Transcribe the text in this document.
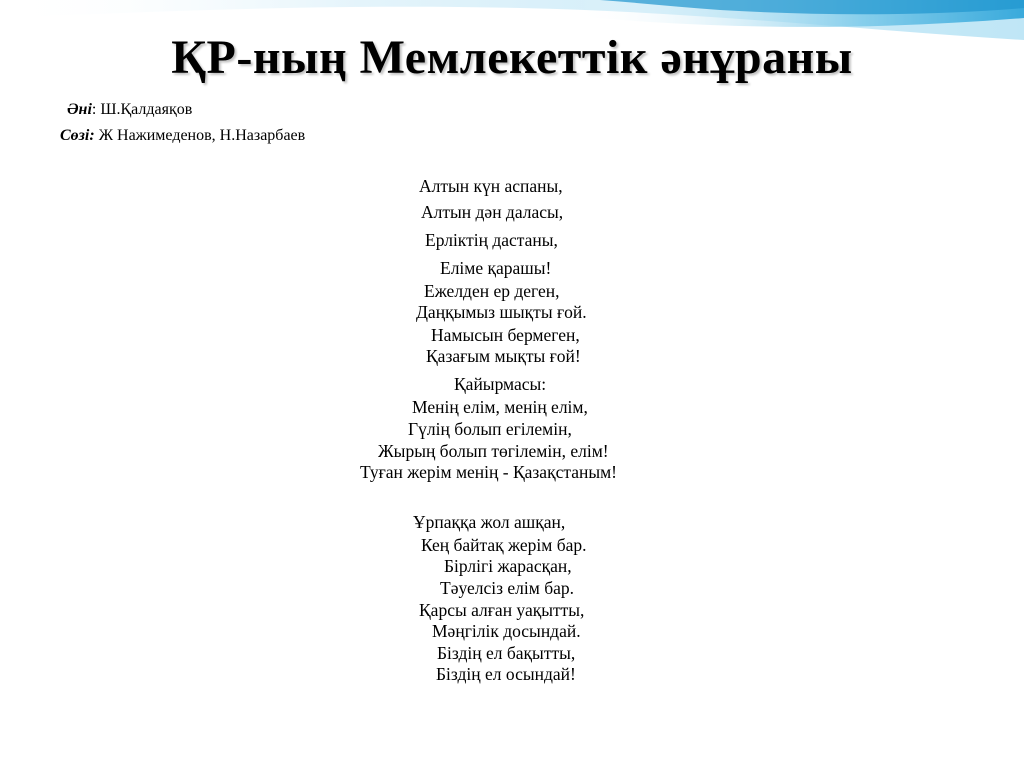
ҚР-ның Мемлекеттік әнұраны
Әні: Ш.Қалдаяқов
Сөзі: Ж Нажимеденов, Н.Назарбаев
Алтын күн аспаны,
Алтын дән даласы,
Ерліктің дастаны,
Еліме қарашы!
Ежелден ер деген,
Даңқымыз шықты ғой.
Намысын бермеген,
Қазағым мықты ғой!
Қайырмасы:
Менің елім, менің елім,
Гүлің болып егілемін,
Жырың болып төгілемін, елім!
Туған жерім менің - Қазақстаным!
Ұрпаққа жол ашқан,
Кең байтақ жерім бар.
Бірлігі жарасқан,
Тәуелсіз елім бар.
Қарсы алған уақытты,
Мәңгілік досындай.
Біздің ел бақытты,
Біздің ел осындай!
